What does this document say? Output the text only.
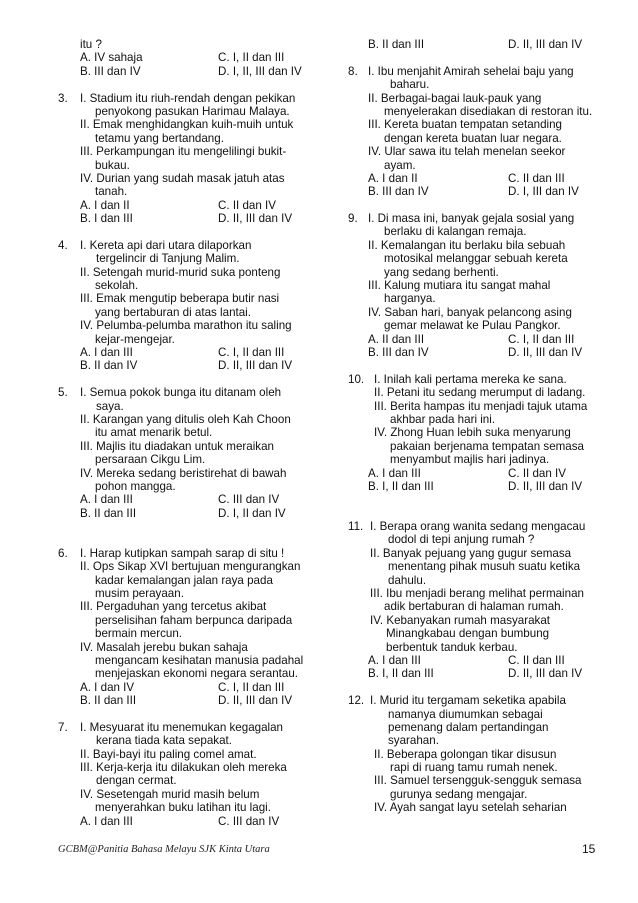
itu ?
A. IV sahaja	C. I, II dan III
B. III dan IV	D. I, II, III dan IV
3.	I. Stadium itu riuh-rendah dengan pekikan
penyokong pasukan Harimau Malaya.
II. Emak menghidangkan kuih-muih untuk
tetamu yang bertandang.
III. Perkampungan itu mengelilingi bukit-
bukau.
IV. Durian yang sudah masak jatuh atas
tanah.
A. I dan II	C. II dan IV
B. I dan III	D. II, III dan IV
4.	I. Kereta api dari utara dilaporkan
tergelincir di Tanjung Malim.
II. Setengah murid-murid suka ponteng
sekolah.
III. Emak mengutip beberapa butir nasi
yang bertaburan di atas lantai.
IV. Pelumba-pelumba marathon itu saling
kejar-mengejar.
A. I dan III	C. I, II dan III
B. II dan IV	D. II, III dan IV
5.	I. Semua pokok bunga itu ditanam oleh
saya.
II. Karangan yang ditulis oleh Kah Choon
itu amat menarik betul.
III. Majlis itu diadakan untuk meraikan
persaraan Cikgu Lim.
IV. Mereka sedang beristirehat di bawah
pohon mangga.
A. I dan III	C. III dan IV
B. II dan III	D. I, II dan IV
6.	I. Harap kutipkan sampah sarap di situ !
II. Ops Sikap XVI bertujuan mengurangkan
kadar kemalangan jalan raya pada
musim perayaan.
III. Pergaduhan yang tercetus akibat
perselisihan faham berpunca daripada
bermain mercun.
IV. Masalah jerebu bukan sahaja
mengancam kesihatan manusia padahal
menjejaskan ekonomi negara serantau.
A. I dan IV	C. I, II dan III
B. II dan III	D. II, III dan IV
7.	I. Mesyuarat itu menemukan kegagalan
kerana tiada kata sepakat.
II. Bayi-bayi itu paling comel amat.
III. Kerja-kerja itu dilakukan oleh mereka
dengan cermat.
IV. Sesetengah murid masih belum
menyerahkan buku latihan itu lagi.
A. I dan III	C. III dan IV
B. II dan III	D. II, III dan IV
8. I. Ibu menjahit Amirah sehelai baju yang
baharu.
II. Berbagai-bagai lauk-pauk yang
menyelerakan disediakan di restoran itu.
III. Kereta buatan tempatan setanding
dengan kereta buatan luar negara.
IV. Ular sawa itu telah menelan seekor
ayam.
A. I dan II	C. II dan III
B. III dan IV	D. I, III dan IV
9. I. Di masa ini, banyak gejala sosial yang
berlaku di kalangan remaja.
II. Kemalangan itu berlaku bila sebuah
motosikal melanggar sebuah kereta
yang sedang berhenti.
III. Kalung mutiara itu sangat mahal
harganya.
IV. Saban hari, banyak pelancong asing
gemar melawat ke Pulau Pangkor.
A. II dan III	C. I, II dan III
B. III dan IV	D. II, III dan IV
10. I. Inilah kali pertama mereka ke sana.
II. Petani itu sedang merumput di ladang.
III. Berita hampas itu menjadi tajuk utama
akhbar pada hari ini.
IV. Zhong Huan lebih suka menyarung
pakaian berjenama tempatan semasa
menyambut majlis hari jadinya.
A. I dan III	C. II dan IV
B. I, II dan III	D. II, III dan IV
11. I. Berapa orang wanita sedang mengacau
dodol di tepi anjung rumah ?
II. Banyak pejuang yang gugur semasa
menentang pihak musuh suatu ketika
dahulu.
III. Ibu menjadi berang melihat permainan
adik bertaburan di halaman rumah.
IV. Kebanyakan rumah masyarakat
Minangkabau dengan bumbung
berbentuk tanduk kerbau.
A. I dan III	C. II dan III
B. I, II dan III	D. II, III dan IV
12. I. Murid itu tergamam seketika apabila
namanya diumumkan sebagai
pemenang dalam pertandingan
syarahan.
II. Beberapa golongan tikar disusun
rapi di ruang tamu rumah nenek.
III. Samuel tersengguk-sengguk semasa
gurunya sedang mengajar.
IV. Ayah sangat layu setelah seharian
GCBM@Panitia Bahasa Melayu SJK Kinta Utara	15
